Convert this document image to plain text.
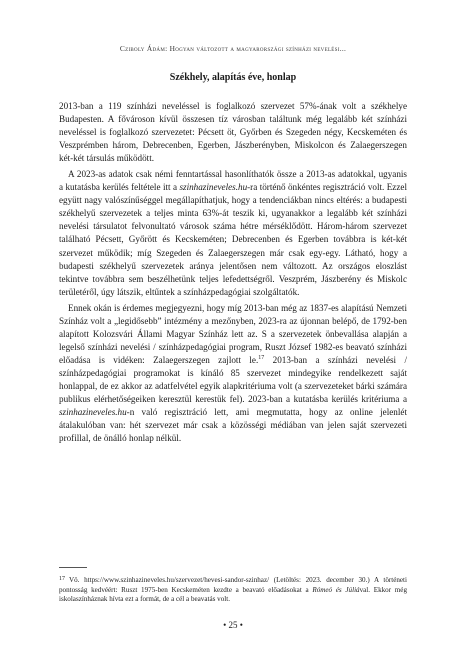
Cziboly Ádám: Hogyan változott a magyarországi színházi nevelési...
Székhely, alapítás éve, honlap

2013-ban a 119 színházi neveléssel is foglalkozó szervezet 57%-ának volt a székhelye Budapesten. A fővároson kívül összesen tíz városban találtunk még legalább két színházi neveléssel is foglalkozó szervezetet: Pécsett öt, Győrben és Szegeden négy, Kecskeméten és Veszprémben három, Debrecenben, Egerben, Jászberényben, Miskolcon és Zalaegerszegen két-két társulás működött.

A 2023-as adatok csak némi fenntartással hasonlíthatók össze a 2013-as adatokkal, ugyanis a kutatásba kerülés feltétele itt a szinhazineveles.hu-ra történő önkéntes regisztráció volt. Ezzel együtt nagy valószínűséggel megállapíthatjuk, hogy a tendenciákban nincs eltérés: a budapesti székhelyű szervezetek a teljes minta 63%-át teszik ki, ugyanakkor a legalább két színházi nevelési társulatot felvonultató városok száma hétre mérséklődött. Három-három szervezet található Pécsett, Győrött és Kecskeméten; Debrecenben és Egerben továbbra is két-két szervezet működik; míg Szegeden és Zalaegerszegen már csak egy-egy. Látható, hogy a budapesti székhelyű szervezetek aránya jelentősen nem változott. Az országos eloszlást tekintve továbbra sem beszélhetünk teljes lefedettségről. Veszprém, Jászberény és Miskolc területéről, úgy látszik, eltűntek a színházpedagógiai szolgáltatók.

Ennek okán is érdemes megjegyezni, hogy míg 2013-ban még az 1837-es alapítású Nemzeti Színház volt a „legidősebb” intézmény a mezőnyben, 2023-ra az újonnan belépő, de 1792-ben alapított Kolozsvári Állami Magyar Színház lett az. S a szervezetek önbevallása alapján a legelső színházi nevelési / színházpedagógiai program, Ruszt József 1982-es beavató színházi előadása is vidéken: Zalaegerszegen zajlott le.$^{17}$ 2013-ban a színházi nevelési / színházpedagógiai programokat is kínáló 85 szervezet mindegyike rendelkezett saját honlappal, de ez akkor az adatfelvétel egyik alapkritériuma volt (a szervezeteket bárki számára publikus elérhetőségeiken keresztül kerestük fel). 2023-ban a kutatásba kerülés kritériuma a szinhazineveles.hu-n való regisztráció lett, ami megmutatta, hogy az online jelenlét átalakulóban van: hét szervezet már csak a közösségi médiában van jelen saját szervezeti profillal, de önálló honlap nélkül.

17 Vö. https://www.szinhazineveles.hu/szervezet/hevesi-sandor-szinhaz/ (Letöltés: 2023. december 30.) A történeti pontosság kedvéért: Ruszt 1975-ben Kecskeméten kezdte a beavató előadásokat a Rómeó és Júliával. Ekkor még iskolaszínháznak hívta ezt a formát, de a cél a beavatás volt.
• 25 •
